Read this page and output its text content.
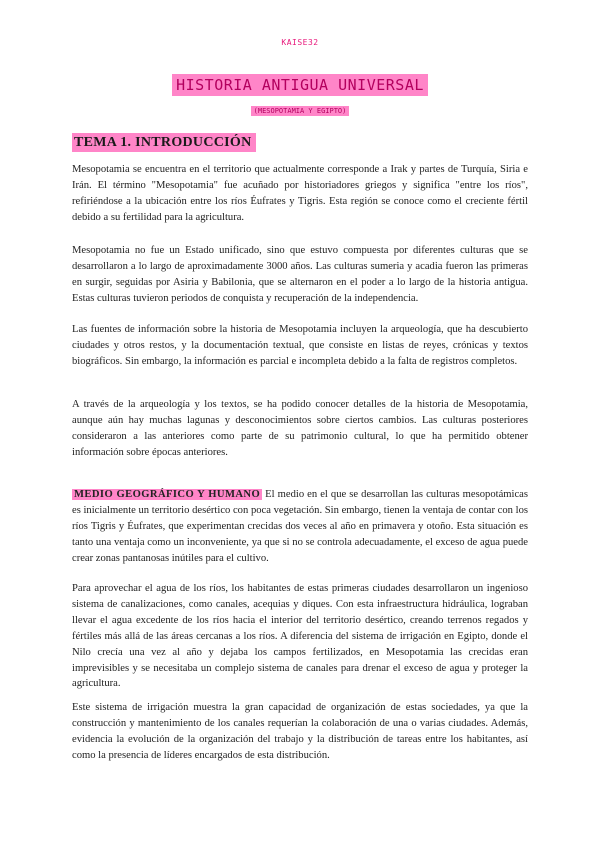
KAISE32
HISTORIA ANTIGUA UNIVERSAL
(MESOPOTAMIA Y EGIPTO)
TEMA 1. INTRODUCCIÓN

Mesopotamia se encuentra en el territorio que actualmente corresponde a Irak y partes de Turquía, Siria e Irán. El término "Mesopotamia" fue acuñado por historiadores griegos y significa "entre los ríos", refiriéndose a la ubicación entre los ríos Éufrates y Tigris. Esta región se conoce como el creciente fértil debido a su fertilidad para la agricultura.

Mesopotamia no fue un Estado unificado, sino que estuvo compuesta por diferentes culturas que se desarrollaron a lo largo de aproximadamente 3000 años. Las culturas sumeria y acadia fueron las primeras en surgir, seguidas por Asiria y Babilonia, que se alternaron en el poder a lo largo de la historia antigua. Estas culturas tuvieron periodos de conquista y recuperación de la independencia.

Las fuentes de información sobre la historia de Mesopotamia incluyen la arqueología, que ha descubierto ciudades y otros restos, y la documentación textual, que consiste en listas de reyes, crónicas y textos biográficos. Sin embargo, la información es parcial e incompleta debido a la falta de registros completos.

A través de la arqueología y los textos, se ha podido conocer detalles de la historia de Mesopotamia, aunque aún hay muchas lagunas y desconocimientos sobre ciertos cambios. Las culturas posteriores consideraron a las anteriores como parte de su patrimonio cultural, lo que ha permitido obtener información sobre épocas anteriores.

MEDIO GEOGRÁFICO Y HUMANO El medio en el que se desarrollan las culturas mesopotámicas es inicialmente un territorio desértico con poca vegetación. Sin embargo, tienen la ventaja de contar con los ríos Tigris y Éufrates, que experimentan crecidas dos veces al año en primavera y otoño. Esta situación es tanto una ventaja como un inconveniente, ya que si no se controla adecuadamente, el exceso de agua puede crear zonas pantanosas inútiles para el cultivo.

Para aprovechar el agua de los ríos, los habitantes de estas primeras ciudades desarrollaron un ingenioso sistema de canalizaciones, como canales, acequias y diques. Con esta infraestructura hidráulica, lograban llevar el agua excedente de los ríos hacia el interior del territorio desértico, creando terrenos regados y fértiles más allá de las áreas cercanas a los ríos. A diferencia del sistema de irrigación en Egipto, donde el Nilo crecía una vez al año y dejaba los campos fertilizados, en Mesopotamia las crecidas eran imprevisibles y se necesitaba un complejo sistema de canales para drenar el exceso de agua y proteger la agricultura.

Este sistema de irrigación muestra la gran capacidad de organización de estas sociedades, ya que la construcción y mantenimiento de los canales requerían la colaboración de una o varias ciudades. Además, evidencia la evolución de la organización del trabajo y la distribución de tareas entre los habitantes, así como la presencia de líderes encargados de esta distribución.
